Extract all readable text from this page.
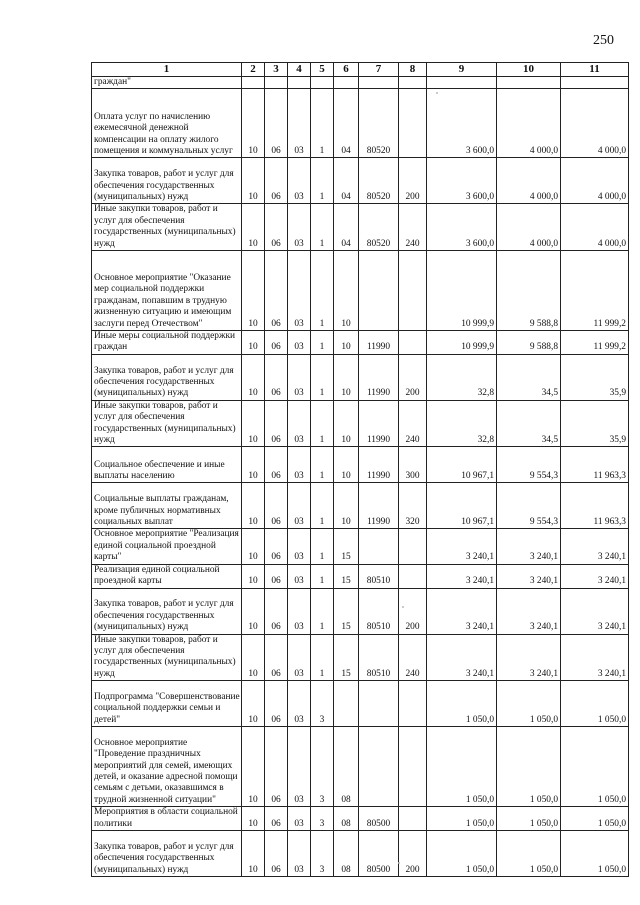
250
1	2	3	4	5	6	7	8	9	10	11
граждан"										
Оплата услуг по начислению ежемесячной денежной компенсации на оплату жилого помещения и коммунальных услуг	10	06	03	1	04	80520		3 600,0	4 000,0	4 000,0
Закупка товаров, работ и услуг для обеспечения государственных (муниципальных) нужд	10	06	03	1	04	80520	200	3 600,0	4 000,0	4 000,0
Иные закупки товаров, работ и услуг для обеспечения государственных (муниципальных) нужд	10	06	03	1	04	80520	240	3 600,0	4 000,0	4 000,0
Основное мероприятие "Оказание мер социальной поддержки гражданам, попавшим в трудную жизненную ситуацию и имеющим заслуги перед Отечеством"	10	06	03	1	10			10 999,9	9 588,8	11 999,2
Иные меры социальной поддержки граждан	10	06	03	1	10	11990		10 999,9	9 588,8	11 999,2
Закупка товаров, работ и услуг для обеспечения государственных (муниципальных) нужд	10	06	03	1	10	11990	200	32,8	34,5	35,9
Иные закупки товаров, работ и услуг для обеспечения государственных (муниципальных) нужд	10	06	03	1	10	11990	240	32,8	34,5	35,9
Социальное обеспечение и иные выплаты населению	10	06	03	1	10	11990	300	10 967,1	9 554,3	11 963,3
Социальные выплаты гражданам, кроме публичных нормативных социальных выплат	10	06	03	1	10	11990	320	10 967,1	9 554,3	11 963,3
Основное мероприятие "Реализация единой социальной проездной карты"	10	06	03	1	15			3 240,1	3 240,1	3 240,1
Реализация единой социальной проездной карты	10	06	03	1	15	80510		3 240,1	3 240,1	3 240,1
Закупка товаров, работ и услуг для обеспечения государственных (муниципальных) нужд	10	06	03	1	15	80510	200	3 240,1	3 240,1	3 240,1
Иные закупки товаров, работ и услуг для обеспечения государственных (муниципальных) нужд	10	06	03	1	15	80510	240	3 240,1	3 240,1	3 240,1
Подпрограмма "Совершенствование социальной поддержки семьи и детей"	10	06	03	3				1 050,0	1 050,0	1 050,0
Основное мероприятие "Проведение праздничных мероприятий для семей, имеющих детей, и оказание адресной помощи семьям с детьми, оказавшимся в трудной жизненной ситуации"	10	06	03	3	08			1 050,0	1 050,0	1 050,0
Мероприятия в области социальной политики	10	06	03	3	08	80500		1 050,0	1 050,0	1 050,0
Закупка товаров, работ и услуг для обеспечения государственных (муниципальных) нужд	10	06	03	3	08	80500	200	1 050,0	1 050,0	1 050,0
